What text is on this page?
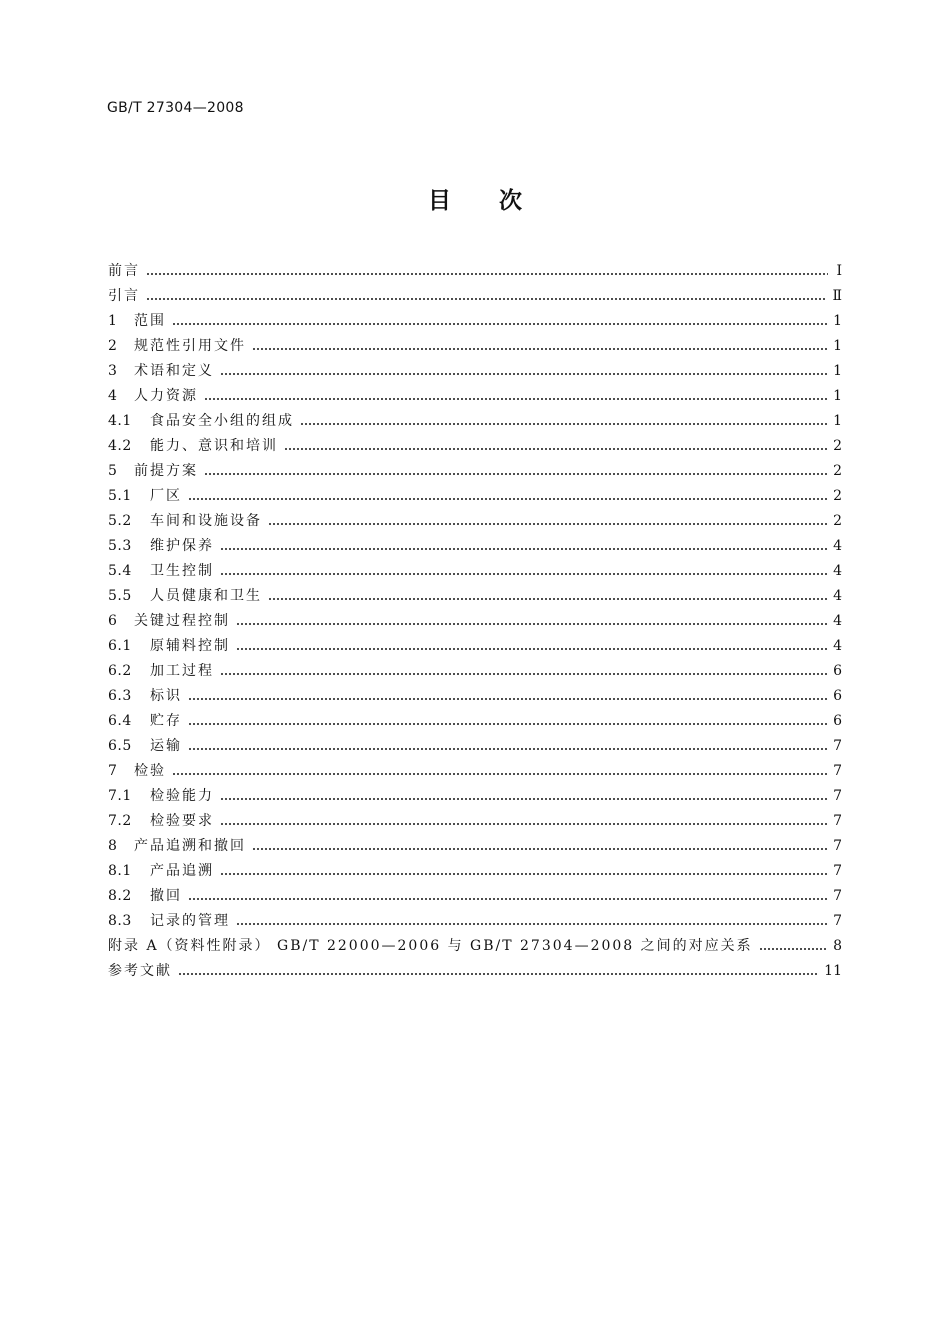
GB/T 27304—2008
目 次
前言	Ⅰ
引言	Ⅱ
1	范围	1
2	规范性引用文件	1
3	术语和定义	1
4	人力资源	1
4.1	食品安全小组的组成	1
4.2	能力、意识和培训	2
5	前提方案	2
5.1	厂区	2
5.2	车间和设施设备	2
5.3	维护保养	4
5.4	卫生控制	4
5.5	人员健康和卫生	4
6	关键过程控制	4
6.1	原辅料控制	4
6.2	加工过程	6
6.3	标识	6
6.4	贮存	6
6.5	运输	7
7	检验	7
7.1	检验能力	7
7.2	检验要求	7
8	产品追溯和撤回	7
8.1	产品追溯	7
8.2	撤回	7
8.3	记录的管理	7
附录 A（资料性附录） GB/T 22000—2006 与 GB/T 27304—2008 之间的对应关系	8
参考文献	11
